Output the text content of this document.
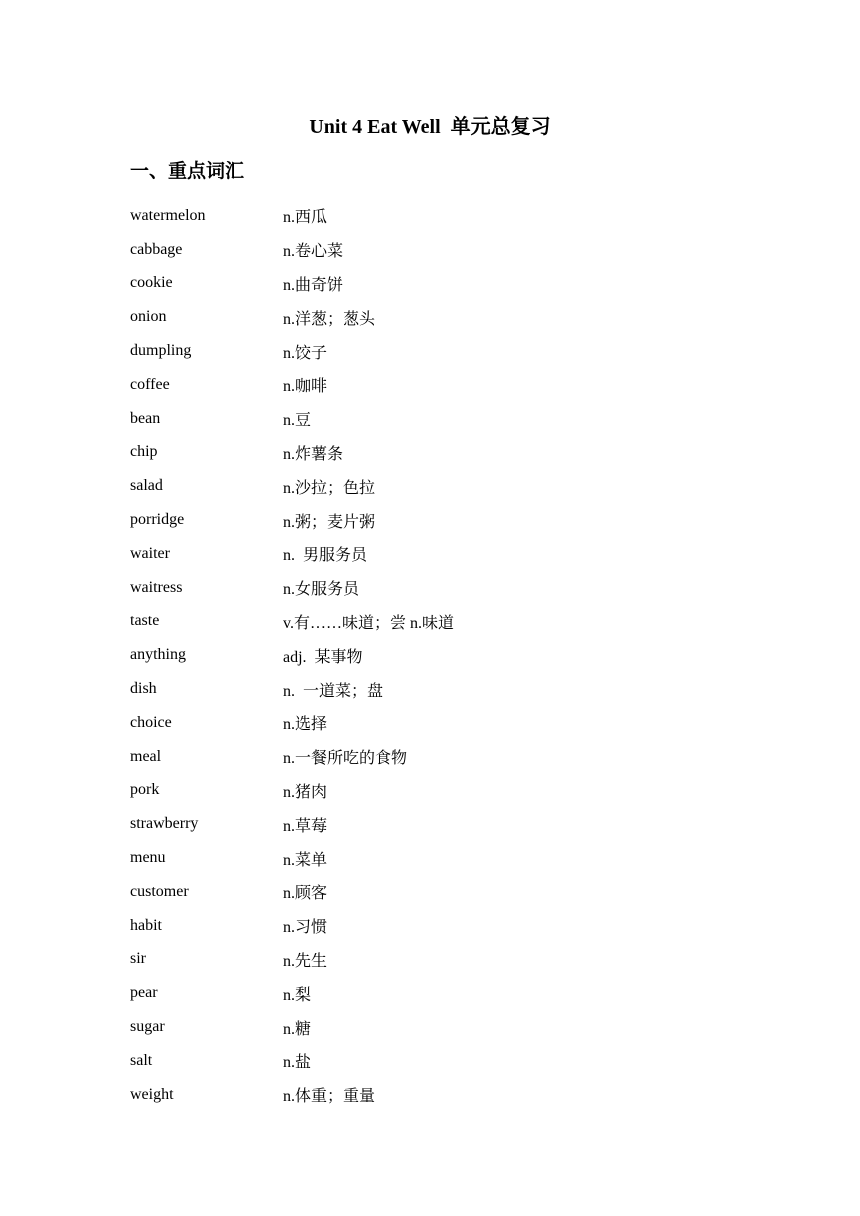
Unit 4 Eat Well  单元总复习
一、重点词汇
watermelon	n.西瓜
cabbage	n.卷心菜
cookie	n.曲奇饼
onion	n.洋葱；葱头
dumpling	n.饺子
coffee	n.咖啡
bean	n.豆
chip	n.炸薯条
salad	n.沙拉；色拉
porridge	n.粥；麦片粥
waiter	n.  男服务员
waitress	n.女服务员
taste	v.有……味道；尝 n.味道
anything	adj.  某事物
dish	n.  一道菜；盘
choice	n.选择
meal	n.一餐所吃的食物
pork	n.猪肉
strawberry	n.草莓
menu	n.菜单
customer	n.顾客
habit	n.习惯
sir	n.先生
pear	n.梨
sugar	n.糖
salt	n.盐
weight	n.体重；重量
